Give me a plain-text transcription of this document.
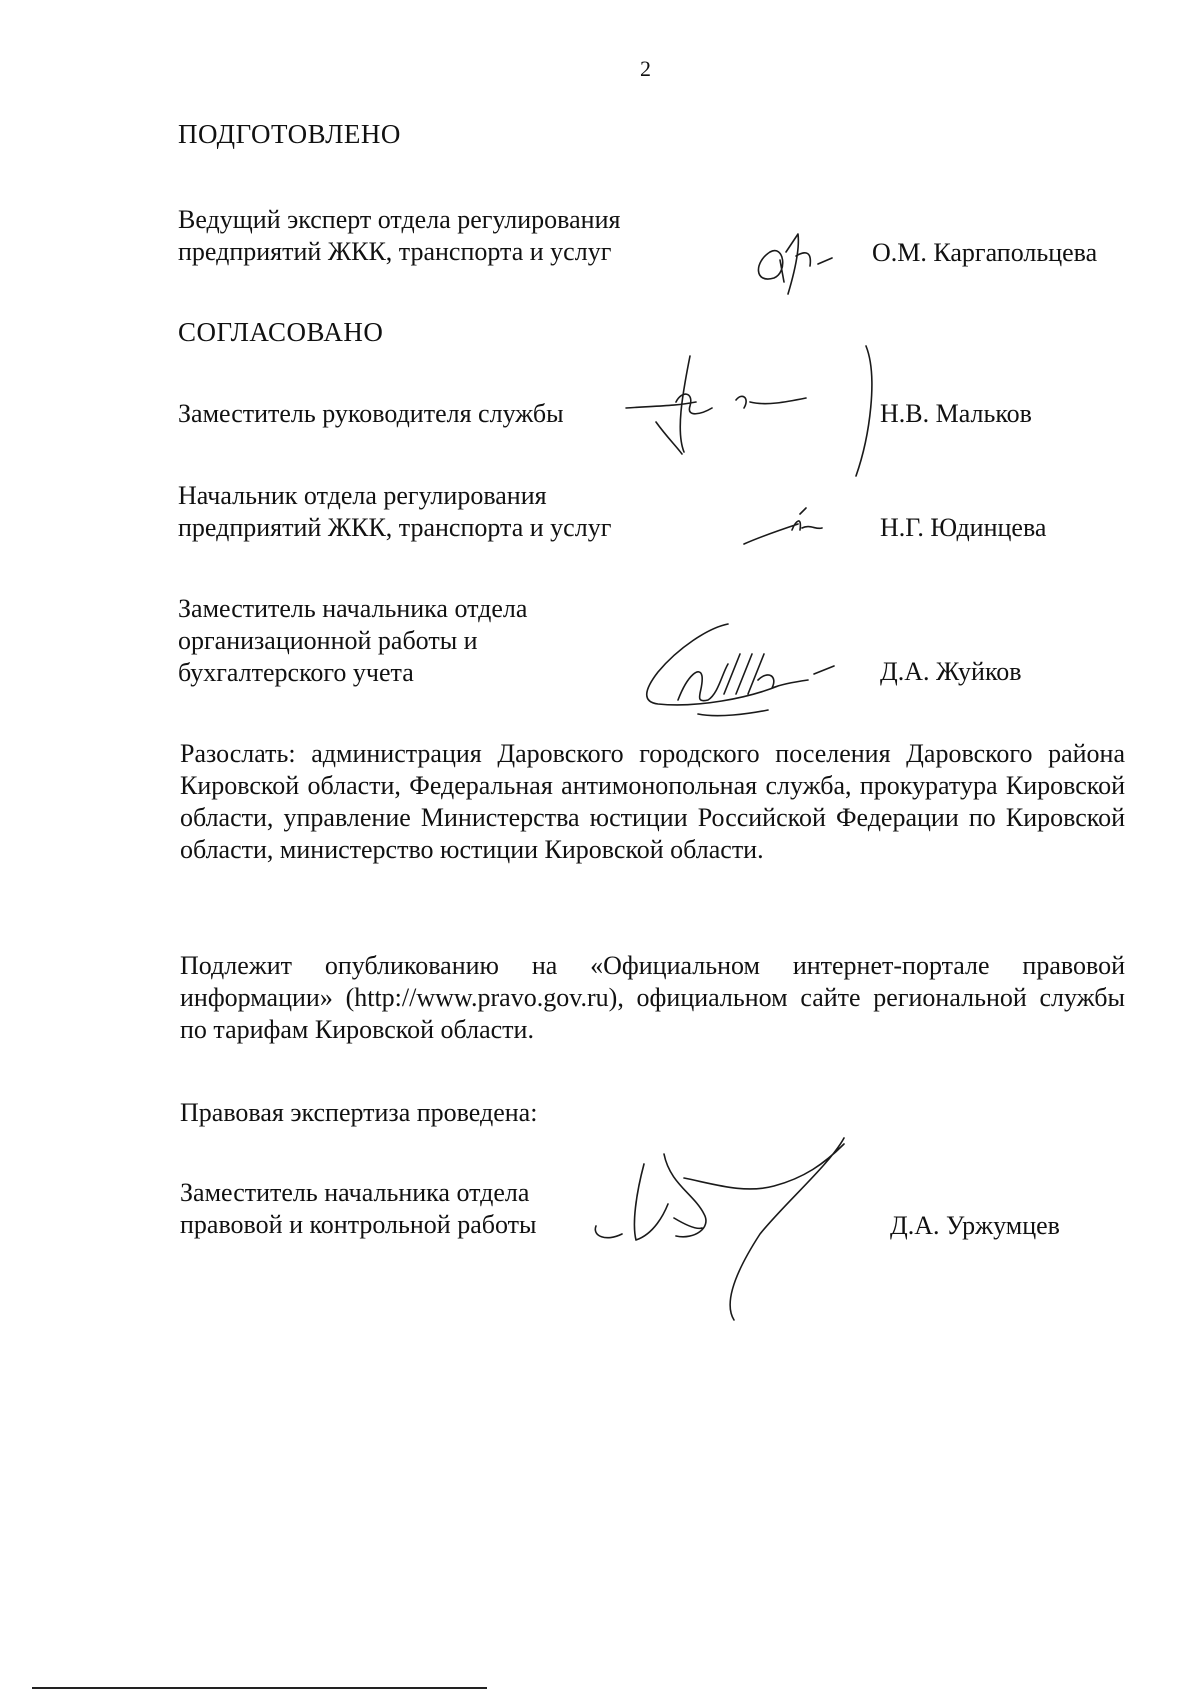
2
ПОДГОТОВЛЕНО
Ведущий эксперт отдела регулирования
предприятий ЖКК, транспорта и услуг	О.М. Каргапольцева
СОГЛАСОВАНО
Заместитель руководителя службы	Н.В. Мальков
Начальник отдела регулирования
предприятий ЖКК, транспорта и услуг	Н.Г. Юдинцева
Заместитель начальника отдела
организационной работы и
бухгалтерского учета	Д.А. Жуйков
Разослать: администрация Даровского городского поселения Даровского района Кировской области, Федеральная антимонопольная служба, прокуратура Кировской области, управление Министерства юстиции Российской Федерации по Кировской области, министерство юстиции Кировской области.
Подлежит опубликованию на «Официальном интернет-портале правовой информации» (http://www.pravo.gov.ru), официальном сайте региональной службы по тарифам Кировской области.
Правовая экспертиза проведена:
Заместитель начальника отдела
правовой и контрольной работы	Д.А. Уржумцев
